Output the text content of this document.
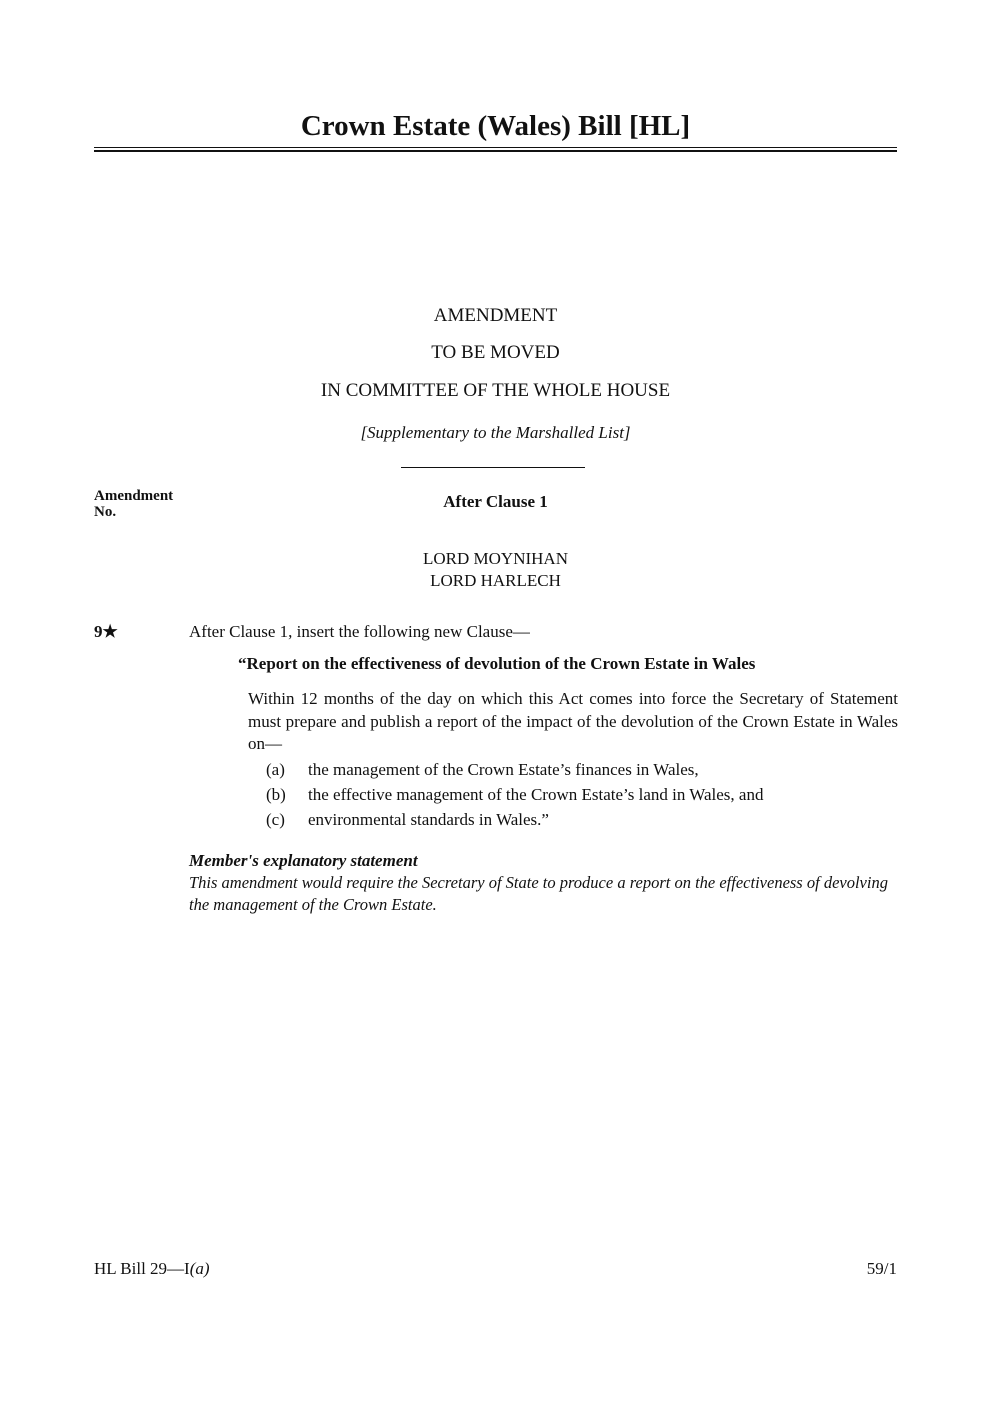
Crown Estate (Wales) Bill [HL]
AMENDMENT
TO BE MOVED
IN COMMITTEE OF THE WHOLE HOUSE
[Supplementary to the Marshalled List]
Amendment
No.
After Clause 1
LORD MOYNIHAN
LORD HARLECH
9★	After Clause 1, insert the following new Clause—
“Report on the effectiveness of devolution of the Crown Estate in Wales
Within 12 months of the day on which this Act comes into force the Secretary of Statement must prepare and publish a report of the impact of the devolution of the Crown Estate in Wales on—
(a)	the management of the Crown Estate’s finances in Wales,
(b)	the effective management of the Crown Estate’s land in Wales, and
(c)	environmental standards in Wales.”
Member's explanatory statement
This amendment would require the Secretary of State to produce a report on the effectiveness of devolving the management of the Crown Estate.
HL Bill 29—I(a)	59/1
